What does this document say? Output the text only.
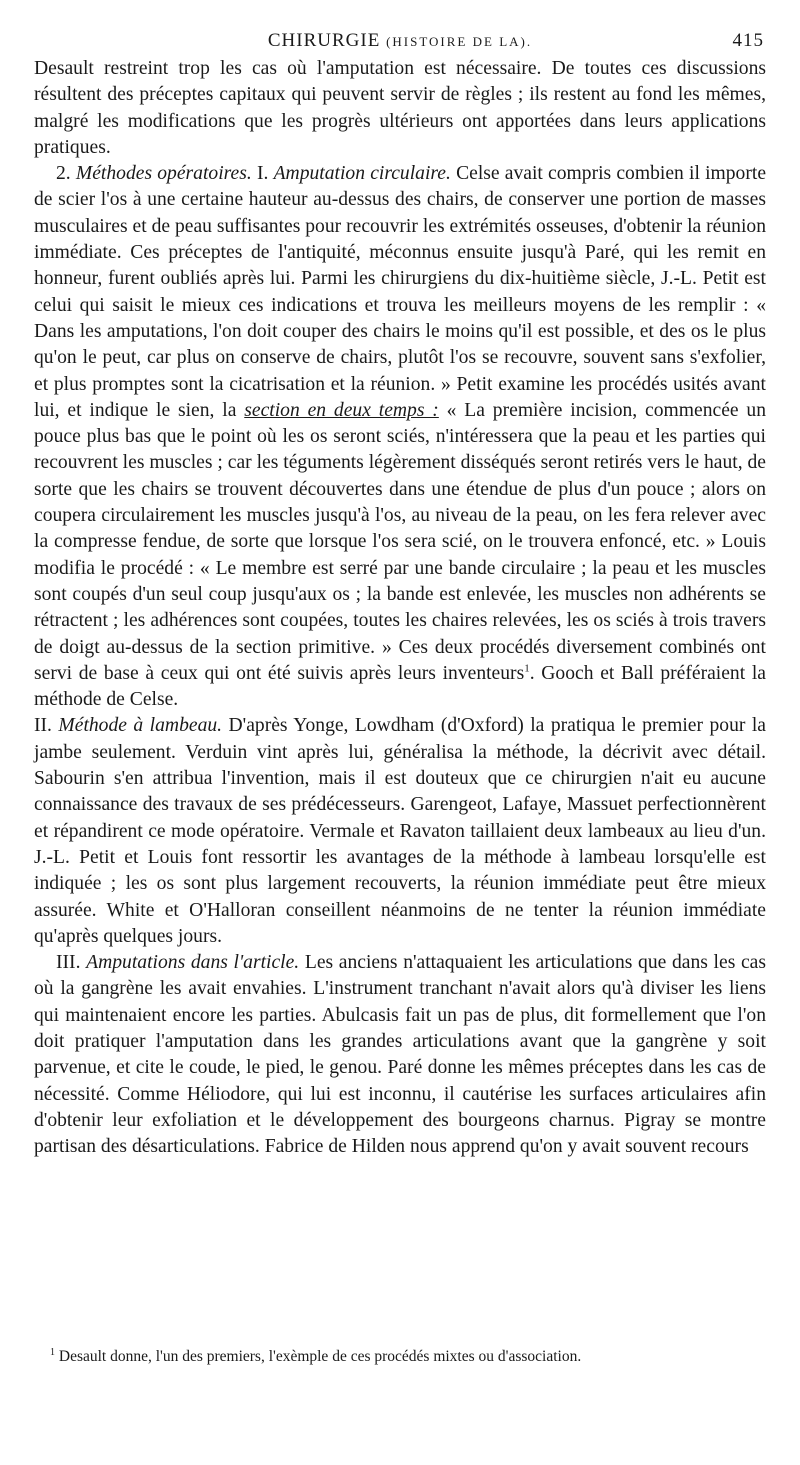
CHIRURGIE (HISTOIRE DE LA).	415

Desault restreint trop les cas où l'amputation est nécessaire. De toutes ces discussions résultent des préceptes capitaux qui peuvent servir de règles ; ils restent au fond les mêmes, malgré les modifications que les progrès ultérieurs ont apportées dans leurs applications pratiques.

2. Méthodes opératoires. I. Amputation circulaire. Celse avait compris combien il importe de scier l'os à une certaine hauteur au-dessus des chairs, de conserver une portion de masses musculaires et de peau suffisantes pour recouvrir les extrémités osseuses, d'obtenir la réunion immédiate. Ces préceptes de l'antiquité, méconnus ensuite jusqu'à Paré, qui les remit en honneur, furent oubliés après lui. Parmi les chirurgiens du dix-huitième siècle, J.-L. Petit est celui qui saisit le mieux ces indications et trouva les meilleurs moyens de les remplir : « Dans les amputations, l'on doit couper des chairs le moins qu'il est possible, et des os le plus qu'on le peut, car plus on conserve de chairs, plutôt l'os se recouvre, souvent sans s'exfolier, et plus promptes sont la cicatrisation et la réunion. » Petit examine les procédés usités avant lui, et indique le sien, la section en deux temps : « La première incision, commencée un pouce plus bas que le point où les os seront sciés, n'intéressera que la peau et les parties qui recouvrent les muscles ; car les téguments légèrement disséqués seront retirés vers le haut, de sorte que les chairs se trouvent découvertes dans une étendue de plus d'un pouce ; alors on coupera circulairement les muscles jusqu'à l'os, au niveau de la peau, on les fera relever avec la compresse fendue, de sorte que lorsque l'os sera scié, on le trouvera enfoncé, etc. » Louis modifia le procédé : « Le membre est serré par une bande circulaire ; la peau et les muscles sont coupés d'un seul coup jusqu'aux os ; la bande est enlevée, les muscles non adhérents se rétractent ; les adhérences sont coupées, toutes les chaires relevées, les os sciés à trois travers de doigt au-dessus de la section primitive. » Ces deux procédés diversement combinés ont servi de base à ceux qui ont été suivis après leurs inventeurs$^1$. Gooch et Ball préféraient la méthode de Celse.

II. Méthode à lambeau. D'après Yonge, Lowdham (d'Oxford) la pratiqua le premier pour la jambe seulement. Verduin vint après lui, généralisa la méthode, la décrivit avec détail. Sabourin s'en attribua l'invention, mais il est douteux que ce chirurgien n'ait eu aucune connaissance des travaux de ses prédécesseurs. Garengeot, Lafaye, Massuet perfectionnèrent et répandirent ce mode opératoire. Vermale et Ravaton taillaient deux lambeaux au lieu d'un. J.-L. Petit et Louis font ressortir les avantages de la méthode à lambeau lorsqu'elle est indiquée ; les os sont plus largement recouverts, la réunion immédiate peut être mieux assurée. White et O'Halloran conseillent néanmoins de ne tenter la réunion immédiate qu'après quelques jours.

III. Amputations dans l'article. Les anciens n'attaquaient les articulations que dans les cas où la gangrène les avait envahies. L'instrument tranchant n'avait alors qu'à diviser les liens qui maintenaient encore les parties. Abulcasis fait un pas de plus, dit formellement que l'on doit pratiquer l'amputation dans les grandes articulations avant que la gangrène y soit parvenue, et cite le coude, le pied, le genou. Paré donne les mêmes préceptes dans les cas de nécessité. Comme Héliodore, qui lui est inconnu, il cautérise les surfaces articulaires afin d'obtenir leur exfoliation et le développement des bourgeons charnus. Pigray se montre partisan des désarticulations. Fabrice de Hilden nous apprend qu'on y avait souvent recours

$^1$ Desault donne, l'un des premiers, l'exèmple de ces procédés mixtes ou d'association.
